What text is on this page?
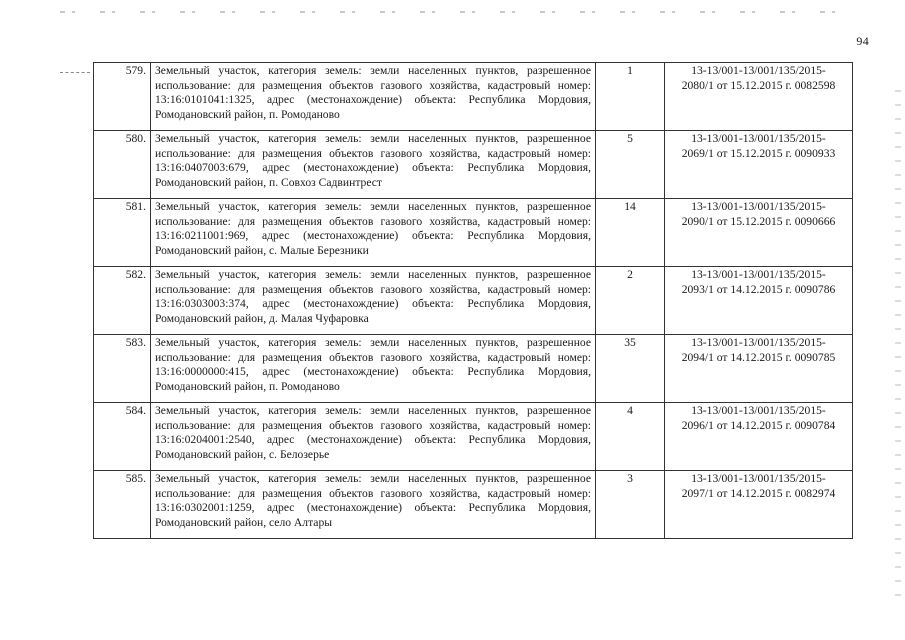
94
579.	Земельный участок, категория земель: земли населенных пунктов, разрешенное использование: для размещения объектов газового хозяйства, кадастровый номер: 13:16:0101041:1325, адрес (местонахождение) объекта: Республика Мордовия, Ромодановский район, п. Ромоданово	1	13-13/001-13/001/135/2015-
2080/1 от 15.12.2015 г. 0082598

580.	Земельный участок, категория земель: земли населенных пунктов, разрешенное использование: для размещения объектов газового хозяйства, кадастровый номер: 13:16:0407003:679, адрес (местонахождение) объекта: Республика Мордовия, Ромодановский район, п. Совхоз Садвинтрест	5	13-13/001-13/001/135/2015-
2069/1 от 15.12.2015 г. 0090933

581.	Земельный участок, категория земель: земли населенных пунктов, разрешенное использование: для размещения объектов газового хозяйства, кадастровый номер: 13:16:0211001:969, адрес (местонахождение) объекта: Республика Мордовия, Ромодановский район, с. Малые Березники	14	13-13/001-13/001/135/2015-
2090/1 от 15.12.2015 г. 0090666

582.	Земельный участок, категория земель: земли населенных пунктов, разрешенное использование: для размещения объектов газового хозяйства, кадастровый номер: 13:16:0303003:374, адрес (местонахождение) объекта: Республика Мордовия, Ромодановский район, д. Малая Чуфаровка	2	13-13/001-13/001/135/2015-
2093/1 от 14.12.2015 г. 0090786

583.	Земельный участок, категория земель: земли населенных пунктов, разрешенное использование: для размещения объектов газового хозяйства, кадастровый номер: 13:16:0000000:415, адрес (местонахождение) объекта: Республика Мордовия, Ромодановский район, п. Ромоданово	35	13-13/001-13/001/135/2015-
2094/1 от 14.12.2015 г. 0090785

584.	Земельный участок, категория земель: земли населенных пунктов, разрешенное использование: для размещения объектов газового хозяйства, кадастровый номер: 13:16:0204001:2540, адрес (местонахождение) объекта: Республика Мордовия, Ромодановский район, с. Белозерье	4	13-13/001-13/001/135/2015-
2096/1 от 14.12.2015 г. 0090784

585.	Земельный участок, категория земель: земли населенных пунктов, разрешенное использование: для размещения объектов газового хозяйства, кадастровый номер: 13:16:0302001:1259, адрес (местонахождение) объекта: Республика Мордовия, Ромодановский район, село Алтары	3	13-13/001-13/001/135/2015-
2097/1 от 14.12.2015 г. 0082974
